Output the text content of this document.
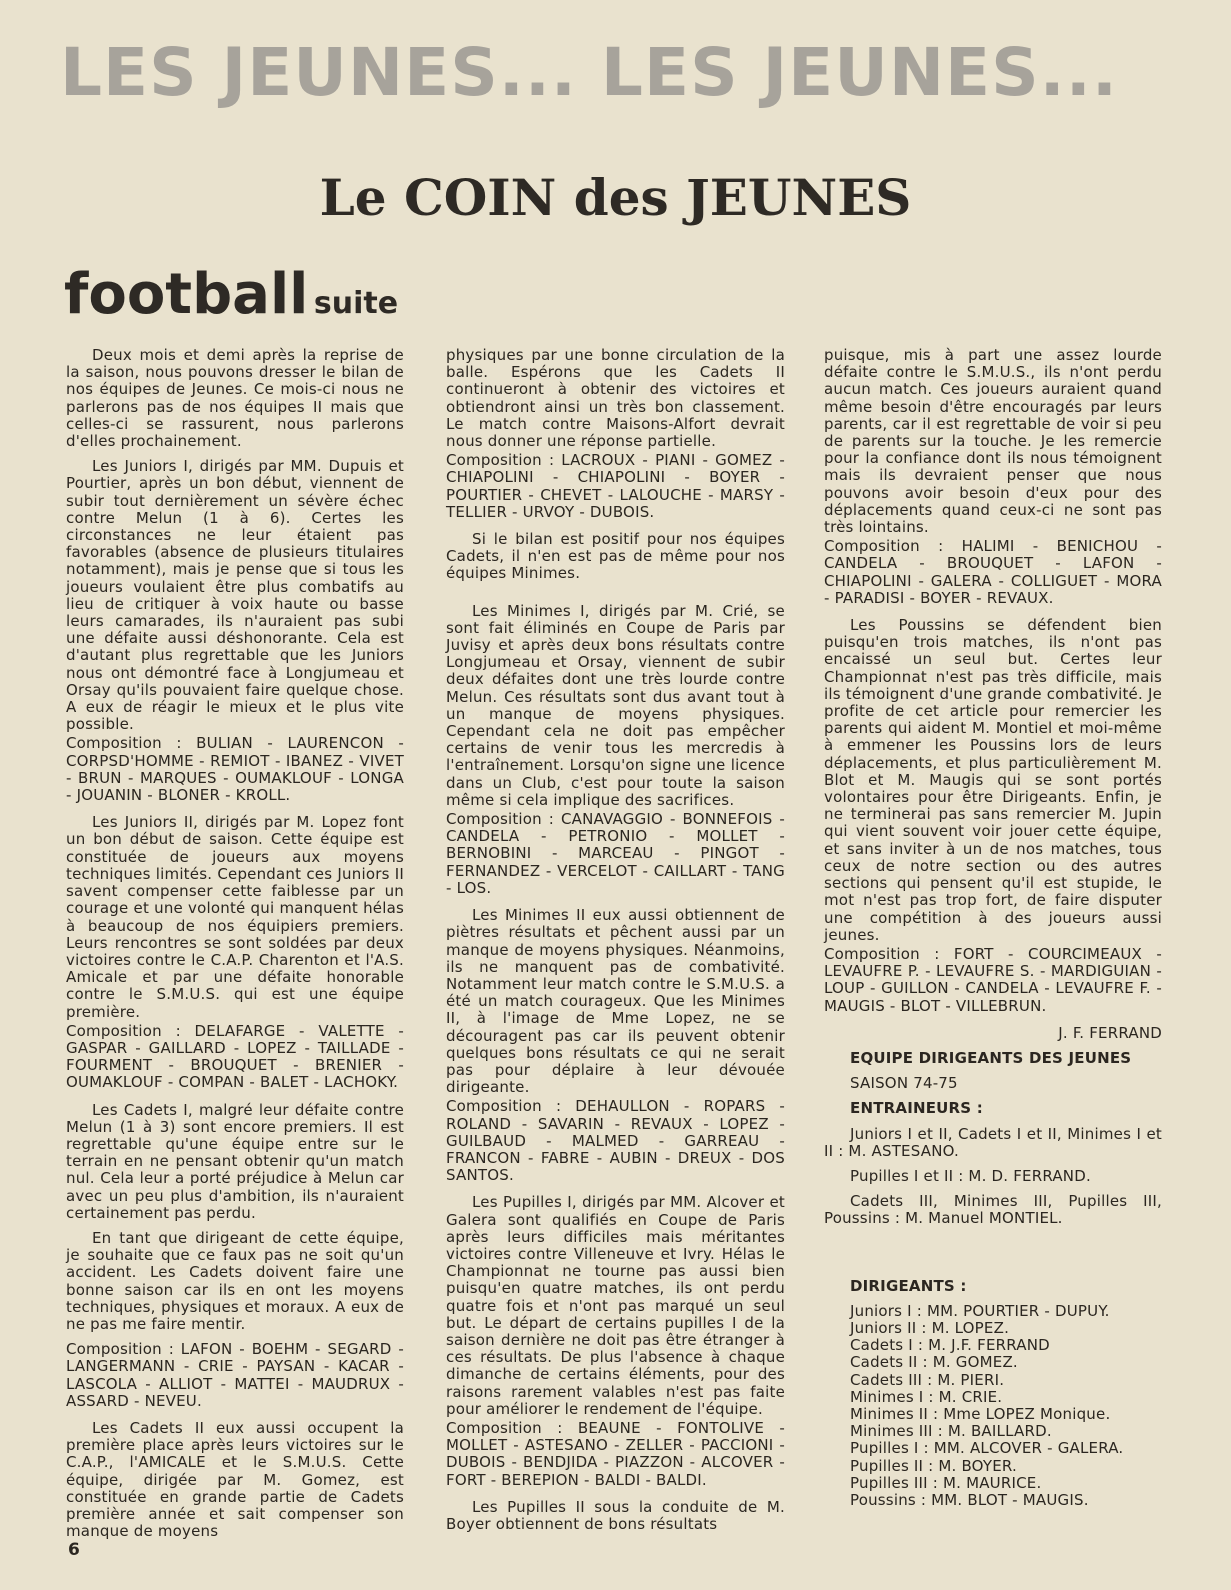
LES JEUNES... LES JEUNES...
Le COIN des JEUNES
football suite

Deux mois et demi après la reprise de la saison, nous pouvons dresser le bilan de nos équipes de Jeunes. Ce mois-ci nous ne parlerons pas de nos équipes II mais que celles-ci se rassurent, nous parlerons d'elles prochainement.

Les Juniors I, dirigés par MM. Dupuis et Pourtier, après un bon début, viennent de subir tout dernièrement un sévère échec contre Melun (1 à 6). Certes les circonstances ne leur étaient pas favorables (absence de plusieurs titulaires notamment), mais je pense que si tous les joueurs voulaient être plus combatifs au lieu de critiquer à voix haute ou basse leurs camarades, ils n'auraient pas subi une défaite aussi déshonorante. Cela est d'autant plus regrettable que les Juniors nous ont démontré face à Longjumeau et Orsay qu'ils pouvaient faire quelque chose. A eux de réagir le mieux et le plus vite possible.

Composition : BULIAN - LAURENCON - CORPSD'HOMME - REMIOT - IBANEZ - VIVET - BRUN - MARQUES - OUMAKLOUF - LONGA - JOUANIN - BLONER - KROLL.

Les Juniors II, dirigés par M. Lopez font un bon début de saison. Cette équipe est constituée de joueurs aux moyens techniques limités. Cependant ces Juniors II savent compenser cette faiblesse par un courage et une volonté qui manquent hélas à beaucoup de nos équipiers premiers. Leurs rencontres se sont soldées par deux victoires contre le C.A.P. Charenton et l'A.S. Amicale et par une défaite honorable contre le S.M.U.S. qui est une équipe première.

Composition : DELAFARGE - VALETTE - GASPAR - GAILLARD - LOPEZ - TAILLADE - FOURMENT - BROUQUET - BRENIER - OUMAKLOUF - COMPAN - BALET - LACHOKY.

Les Cadets I, malgré leur défaite contre Melun (1 à 3) sont encore premiers. Il est regrettable qu'une équipe entre sur le terrain en ne pensant obtenir qu'un match nul. Cela leur a porté préjudice à Melun car avec un peu plus d'ambition, ils n'auraient certainement pas perdu.

En tant que dirigeant de cette équipe, je souhaite que ce faux pas ne soit qu'un accident. Les Cadets doivent faire une bonne saison car ils en ont les moyens techniques, physiques et moraux. A eux de ne pas me faire mentir.

Composition : LAFON - BOEHM - SEGARD - LANGERMANN - CRIE - PAYSAN - KACAR - LASCOLA - ALLIOT - MATTEI - MAUDRUX - ASSARD - NEVEU.

Les Cadets II eux aussi occupent la première place après leurs victoires sur le C.A.P., l'AMICALE et le S.M.U.S. Cette équipe, dirigée par M. Gomez, est constituée en grande partie de Cadets première année et sait compenser son manque de moyens

physiques par une bonne circulation de la balle. Espérons que les Cadets II continueront à obtenir des victoires et obtiendront ainsi un très bon classement. Le match contre Maisons-Alfort devrait nous donner une réponse partielle.

Composition : LACROUX - PIANI - GOMEZ - CHIAPOLINI - CHIAPOLINI - BOYER - POURTIER - CHEVET - LALOUCHE - MARSY - TELLIER - URVOY - DUBOIS.

Si le bilan est positif pour nos équipes Cadets, il n'en est pas de même pour nos équipes Minimes.

Les Minimes I, dirigés par M. Crié, se sont fait éliminés en Coupe de Paris par Juvisy et après deux bons résultats contre Longjumeau et Orsay, viennent de subir deux défaites dont une très lourde contre Melun. Ces résultats sont dus avant tout à un manque de moyens physiques. Cependant cela ne doit pas empêcher certains de venir tous les mercredis à l'entraînement. Lorsqu'on signe une licence dans un Club, c'est pour toute la saison même si cela implique des sacrifices.

Composition : CANAVAGGIO - BONNEFOIS - CANDELA - PETRONIO - MOLLET - BERNOBINI - MARCEAU - PINGOT - FERNANDEZ - VERCELOT - CAILLART - TANG - LOS.

Les Minimes II eux aussi obtiennent de piètres résultats et pêchent aussi par un manque de moyens physiques. Néanmoins, ils ne manquent pas de combativité. Notamment leur match contre le S.M.U.S. a été un match courageux. Que les Minimes II, à l'image de Mme Lopez, ne se découragent pas car ils peuvent obtenir quelques bons résultats ce qui ne serait pas pour déplaire à leur dévouée dirigeante.

Composition : DEHAULLON - ROPARS - ROLAND - SAVARIN - REVAUX - LOPEZ - GUILBAUD - MALMED - GARREAU - FRANCON - FABRE - AUBIN - DREUX - DOS SANTOS.

Les Pupilles I, dirigés par MM. Alcover et Galera sont qualifiés en Coupe de Paris après leurs difficiles mais méritantes victoires contre Villeneuve et Ivry. Hélas le Championnat ne tourne pas aussi bien puisqu'en quatre matches, ils ont perdu quatre fois et n'ont pas marqué un seul but. Le départ de certains pupilles I de la saison dernière ne doit pas être étranger à ces résultats. De plus l'absence à chaque dimanche de certains éléments, pour des raisons rarement valables n'est pas faite pour améliorer le rendement de l'équipe.

Composition : BEAUNE - FONTOLIVE - MOLLET - ASTESANO - ZELLER - PACCIONI - DUBOIS - BENDJIDA - PIAZZON - ALCOVER - FORT - BEREPION - BALDI - BALDI.

Les Pupilles II sous la conduite de M. Boyer obtiennent de bons résultats

puisque, mis à part une assez lourde défaite contre le S.M.U.S., ils n'ont perdu aucun match. Ces joueurs auraient quand même besoin d'être encouragés par leurs parents, car il est regrettable de voir si peu de parents sur la touche. Je les remercie pour la confiance dont ils nous témoignent mais ils devraient penser que nous pouvons avoir besoin d'eux pour des déplacements quand ceux-ci ne sont pas très lointains.

Composition : HALIMI - BENICHOU - CANDELA - BROUQUET - LAFON - CHIAPOLINI - GALERA - COLLIGUET - MORA - PARADISI - BOYER - REVAUX.

Les Poussins se défendent bien puisqu'en trois matches, ils n'ont pas encaissé un seul but. Certes leur Championnat n'est pas très difficile, mais ils témoignent d'une grande combativité. Je profite de cet article pour remercier les parents qui aident M. Montiel et moi-même à emmener les Poussins lors de leurs déplacements, et plus particulièrement M. Blot et M. Maugis qui se sont portés volontaires pour être Dirigeants. Enfin, je ne terminerai pas sans remercier M. Jupin qui vient souvent voir jouer cette équipe, et sans inviter à un de nos matches, tous ceux de notre section ou des autres sections qui pensent qu'il est stupide, le mot n'est pas trop fort, de faire disputer une compétition à des joueurs aussi jeunes.

Composition : FORT - COURCIMEAUX - LEVAUFRE P. - LEVAUFRE S. - MARDIGUIAN - LOUP - GUILLON - CANDELA - LEVAUFRE F. - MAUGIS - BLOT - VILLEBRUN.

J. F. FERRAND

EQUIPE DIRIGEANTS DES JEUNES

SAISON 74-75

ENTRAINEURS :

Juniors I et II, Cadets I et II, Minimes I et II : M. ASTESANO.

Pupilles I et II : M. D. FERRAND.

Cadets III, Minimes III, Pupilles III, Poussins : M. Manuel MONTIEL.

DIRIGEANTS :

Juniors I : MM. POURTIER - DUPUY.
Juniors II : M. LOPEZ.
Cadets I : M. J.F. FERRAND
Cadets II : M. GOMEZ.
Cadets III : M. PIERI.
Minimes I : M. CRIE.
Minimes II : Mme LOPEZ Monique.
Minimes III : M. BAILLARD.
Pupilles I : MM. ALCOVER - GALERA.
Pupilles II : M. BOYER.
Pupilles III : M. MAURICE.
Poussins : MM. BLOT - MAUGIS.
6
